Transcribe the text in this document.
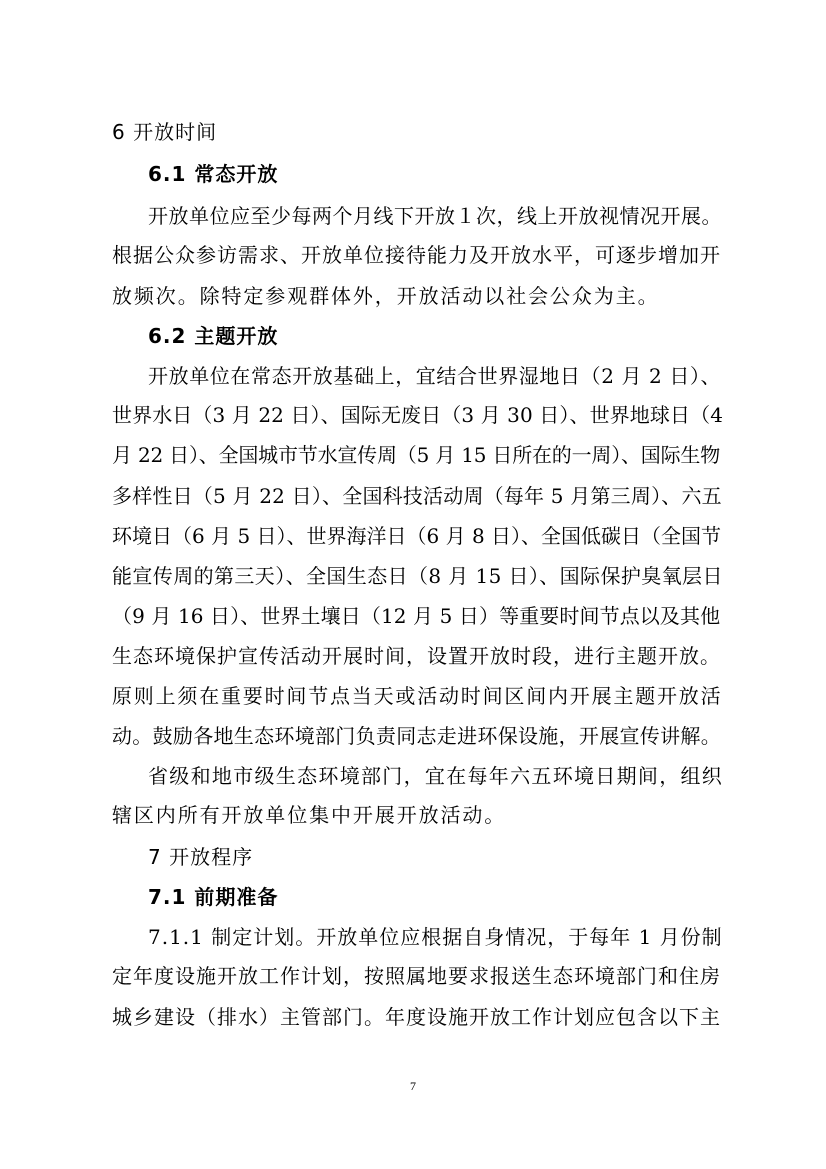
6 开放时间
6.1 常态开放
开放单位应至少每两个月线下开放１次，线上开放视情况开展。
根据公众参访需求、开放单位接待能力及开放水平，可逐步增加开
放频次。除特定参观群体外，开放活动以社会公众为主。
6.2 主题开放
开放单位在常态开放基础上，宜结合世界湿地日（2 月 2 日）、
世界水日（3 月 22 日）、国际无废日（3 月 30 日）、世界地球日（4
月 22 日）、全国城市节水宣传周（5 月 15 日所在的一周）、国际生物
多样性日（5 月 22 日）、全国科技活动周（每年 5 月第三周）、六五
环境日（6 月 5 日）、世界海洋日（6 月 8 日）、全国低碳日（全国节
能宣传周的第三天）、全国生态日（8 月 15 日）、国际保护臭氧层日
（9 月 16 日）、世界土壤日（12 月 5 日）等重要时间节点以及其他
生态环境保护宣传活动开展时间，设置开放时段，进行主题开放。
原则上须在重要时间节点当天或活动时间区间内开展主题开放活
动。鼓励各地生态环境部门负责同志走进环保设施，开展宣传讲解。
省级和地市级生态环境部门，宜在每年六五环境日期间，组织
辖区内所有开放单位集中开展开放活动。
7 开放程序
7.1 前期准备
7.1.1 制定计划。开放单位应根据自身情况，于每年 1 月份制
定年度设施开放工作计划，按照属地要求报送生态环境部门和住房
城乡建设（排水）主管部门。年度设施开放工作计划应包含以下主
7
